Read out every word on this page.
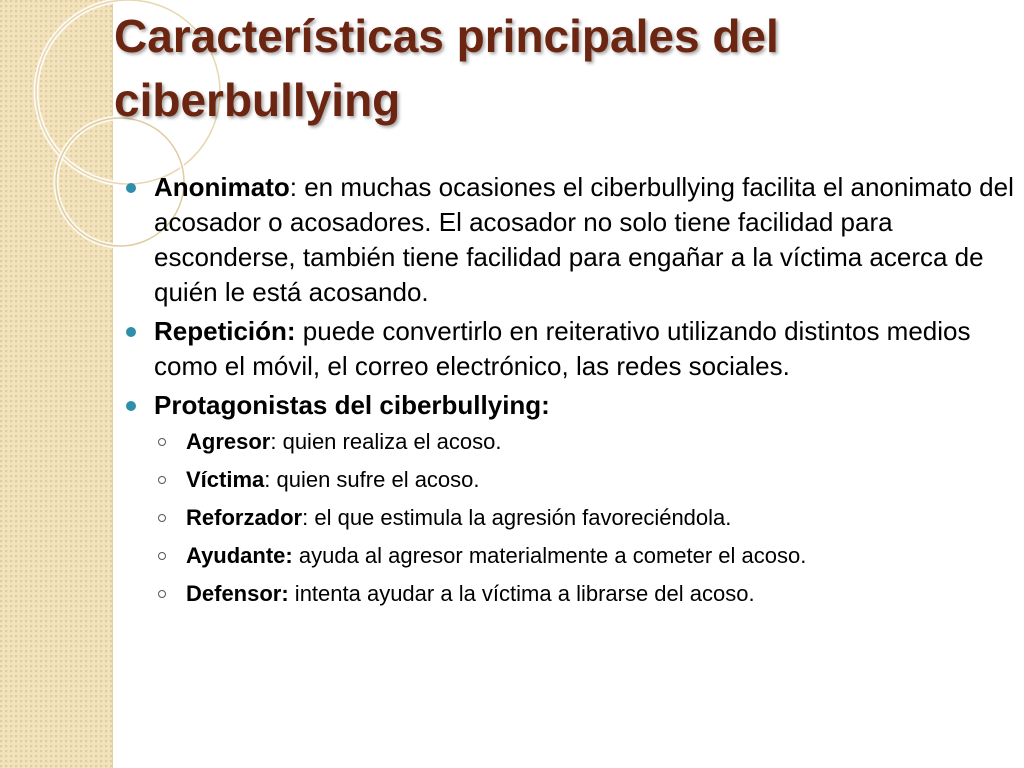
Características principales del ciberbullying
Anonimato: en muchas ocasiones el ciberbullying facilita el anonimato del acosador o acosadores. El acosador no solo tiene facilidad para esconderse, también tiene facilidad para engañar a la víctima acerca de quién le está acosando.
Repetición: puede convertirlo en reiterativo utilizando distintos medios como el móvil, el correo electrónico, las redes sociales.
Protagonistas del ciberbullying:
Agresor: quien realiza el acoso.
Víctima: quien sufre el acoso.
Reforzador: el que estimula la agresión favoreciéndola.
Ayudante: ayuda al agresor materialmente a cometer el acoso.
Defensor: intenta ayudar a la víctima a librarse del acoso.
